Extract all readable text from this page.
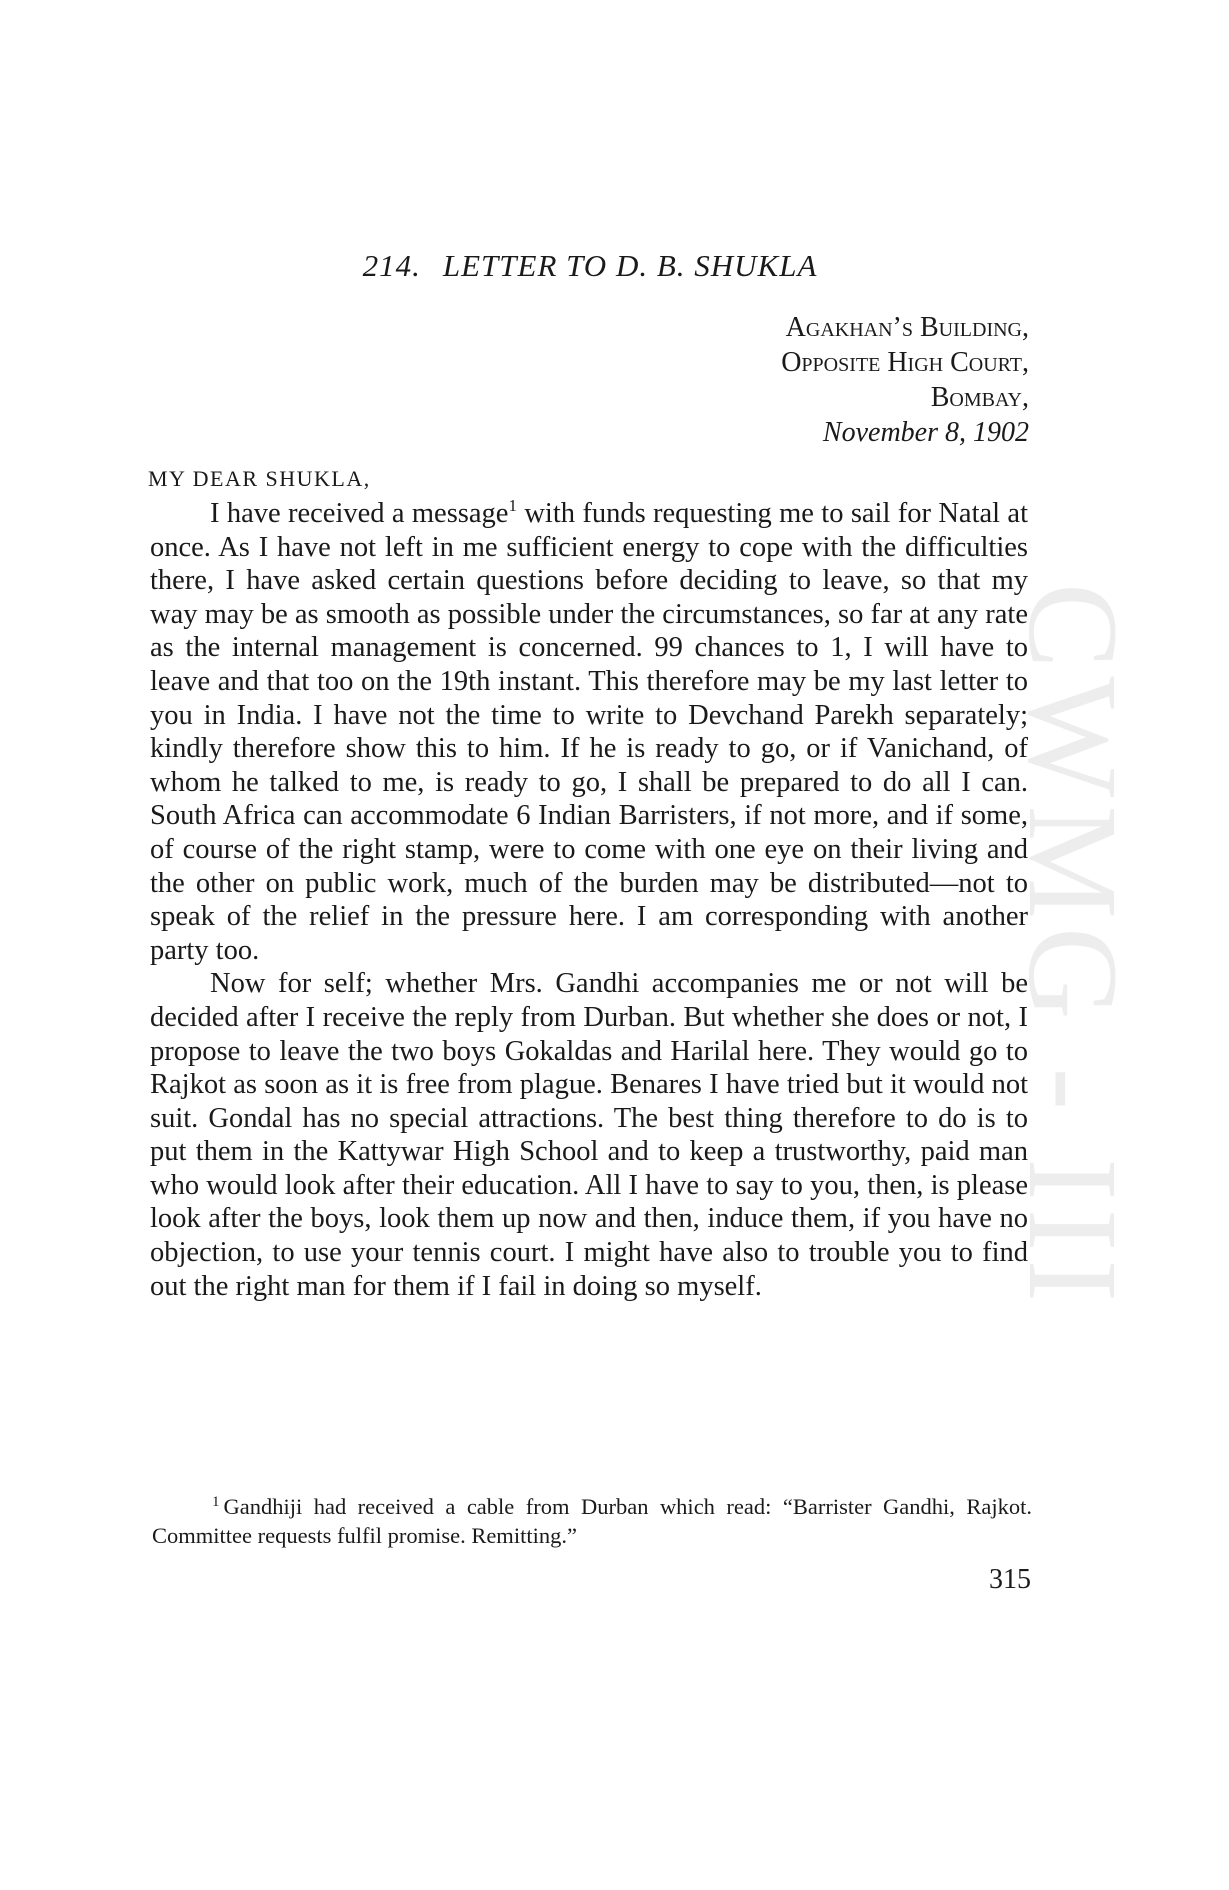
CWMG - III
214. LETTER TO D. B. SHUKLA
Agakhan’s Building,
Opposite High Court,
Bombay,
November 8, 1902
MY DEAR SHUKLA,

I have received a message$^1$ with funds requesting me to sail for Natal at once. As I have not left in me sufficient energy to cope with the difficulties there, I have asked certain questions before deciding to leave, so that my way may be as smooth as possible under the circumstances, so far at any rate as the internal management is concerned. 99 chances to 1, I will have to leave and that too on the 19th instant. This therefore may be my last letter to you in India. I have not the time to write to Devchand Parekh separately; kindly therefore show this to him. If he is ready to go, or if Vanichand, of whom he talked to me, is ready to go, I shall be prepared to do all I can. South Africa can accommodate 6 Indian Barristers, if not more, and if some, of course of the right stamp, were to come with one eye on their living and the other on public work, much of the burden may be distributed—not to speak of the relief in the pressure here. I am corresponding with another party too.

Now for self; whether Mrs. Gandhi accompanies me or not will be decided after I receive the reply from Durban. But whether she does or not, I propose to leave the two boys Gokaldas and Harilal here. They would go to Rajkot as soon as it is free from plague. Benares I have tried but it would not suit. Gondal has no special attractions. The best thing therefore to do is to put them in the Kattywar High School and to keep a trustworthy, paid man who would look after their education. All I have to say to you, then, is please look after the boys, look them up now and then, induce them, if you have no objection, to use your tennis court. I might have also to trouble you to find out the right man for them if I fail in doing so myself.

$^1$ Gandhiji had received a cable from Durban which read: “Barrister Gandhi, Rajkot. Committee requests fulfil promise. Remitting.”

315
